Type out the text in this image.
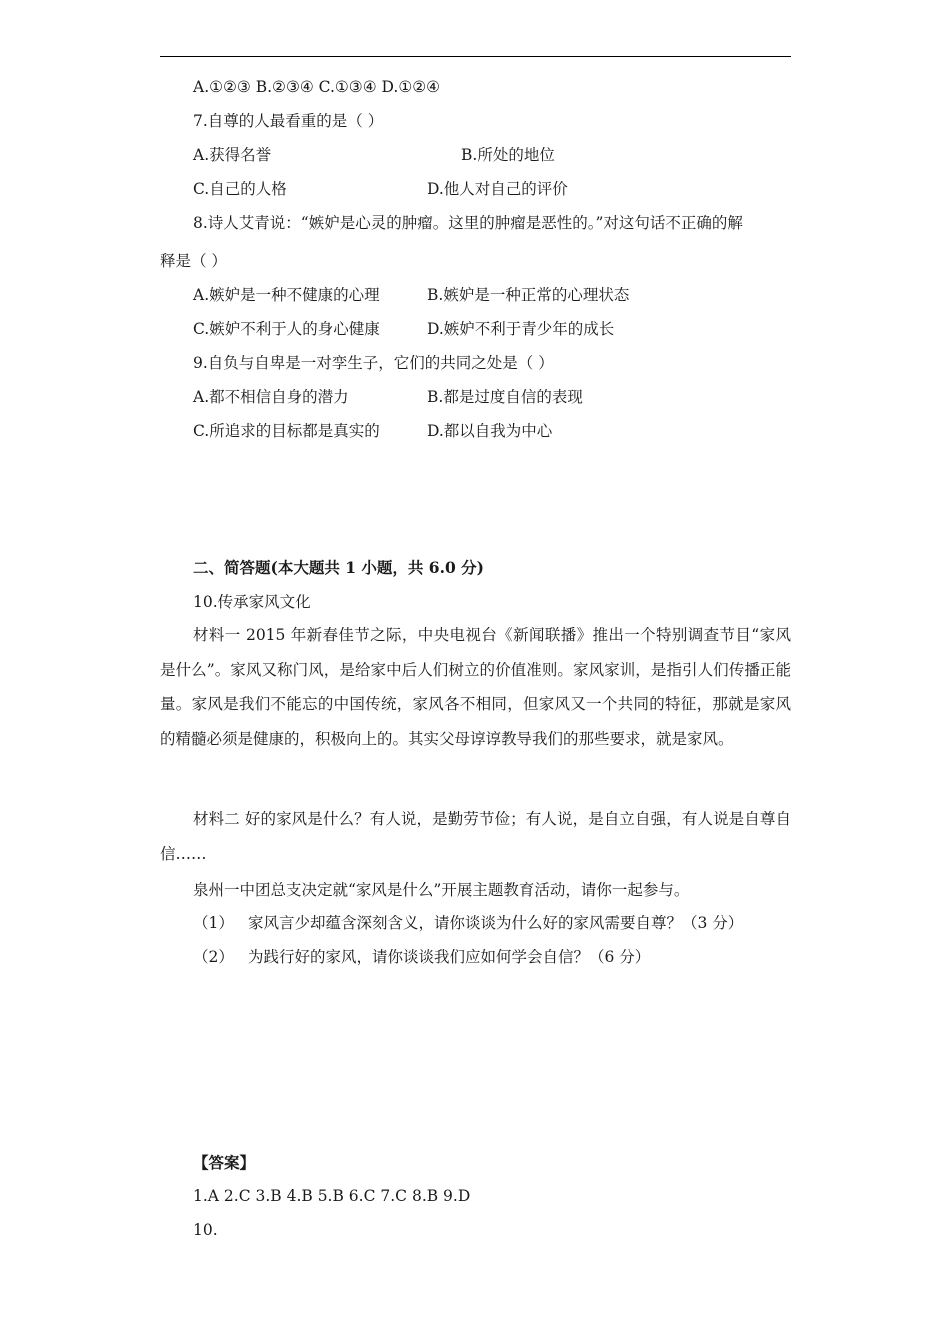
A.①②③ B.②③④ C.①③④ D.①②④
7.自尊的人最看重的是（ ）
A.获得名誉	B.所处的地位
C.自己的人格	D.他人对自己的评价
8.诗人艾青说：“嫉妒是心灵的肿瘤。这里的肿瘤是恶性的。”对这句话不正确的解
释是（ ）
A.嫉妒是一种不健康的心理	B.嫉妒是一种正常的心理状态
C.嫉妒不利于人的身心健康	D.嫉妒不利于青少年的成长
9.自负与自卑是一对孪生子，它们的共同之处是（ ）
A.都不相信自身的潜力	B.都是过度自信的表现
C.所追求的目标都是真实的	D.都以自我为中心
二、简答题(本大题共 1 小题，共 6.0 分)
10.传承家风文化
材料一 2015 年新春佳节之际，中央电视台《新闻联播》推出一个特别调查节目“家风是什么”。家风又称门风，是给家中后人们树立的价值准则。家风家训，是指引人们传播正能量。家风是我们不能忘的中国传统，家风各不相同，但家风又一个共同的特征，那就是家风的精髓必须是健康的，积极向上的。其实父母谆谆教导我们的那些要求，就是家风。
材料二 好的家风是什么？有人说，是勤劳节俭；有人说，是自立自强，有人说是自尊自信……
泉州一中团总支决定就“家风是什么”开展主题教育活动，请你一起参与。
（1） 家风言少却蕴含深刻含义，请你谈谈为什么好的家风需要自尊？（3 分）
（2） 为践行好的家风，请你谈谈我们应如何学会自信？（6 分）
【答案】
1.A 2.C 3.B 4.B 5.B 6.C 7.C 8.B 9.D
10.
